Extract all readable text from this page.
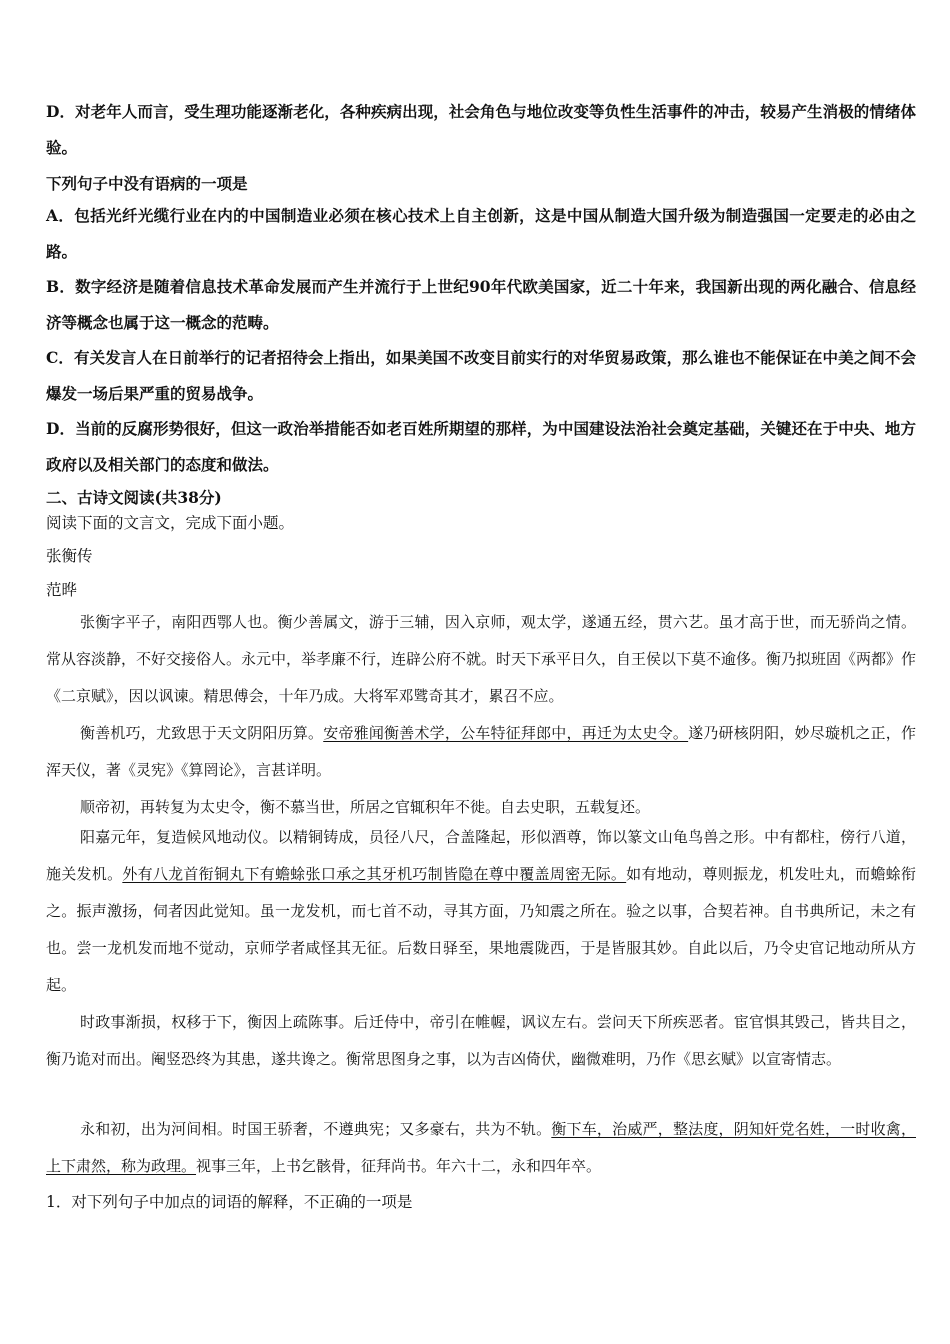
D．对老年人而言，受生理功能逐渐老化，各种疾病出现，社会角色与地位改变等负性生活事件的冲击，较易产生消极的情绪体验。

下列句子中没有语病的一项是

A．包括光纤光缆行业在内的中国制造业必须在核心技术上自主创新，这是中国从制造大国升级为制造强国一定要走的必由之路。

B．数字经济是随着信息技术革命发展而产生并流行于上世纪90年代欧美国家，近二十年来，我国新出现的两化融合、信息经济等概念也属于这一概念的范畴。

C．有关发言人在日前举行的记者招待会上指出，如果美国不改变目前实行的对华贸易政策，那么谁也不能保证在中美之间不会爆发一场后果严重的贸易战争。

D．当前的反腐形势很好，但这一政治举措能否如老百姓所期望的那样，为中国建设法治社会奠定基础，关键还在于中央、地方政府以及相关部门的态度和做法。

二、古诗文阅读(共38分)

阅读下面的文言文，完成下面小题。

张衡传

范晔

张衡字平子，南阳西鄂人也。衡少善属文，游于三辅，因入京师，观太学，遂通五经，贯六艺。虽才高于世，而无骄尚之情。常从容淡静，不好交接俗人。永元中，举孝廉不行，连辟公府不就。时天下承平日久，自王侯以下莫不逾侈。衡乃拟班固《两都》作《二京赋》，因以讽谏。精思傅会，十年乃成。大将军邓骘奇其才，累召不应。

衡善机巧，尤致思于天文阴阳历算。安帝雅闻衡善术学，公车特征拜郎中，再迁为太史令。遂乃研核阴阳，妙尽璇机之正，作浑天仪，著《灵宪》《算罔论》，言甚详明。

顺帝初，再转复为太史令，衡不慕当世，所居之官辄积年不徙。自去史职，五载复还。

阳嘉元年，复造候风地动仪。以精铜铸成，员径八尺，合盖隆起，形似酒尊，饰以篆文山龟鸟兽之形。中有都柱，傍行八道，施关发机。外有八龙首衔铜丸下有蟾蜍张口承之其牙机巧制皆隐在尊中覆盖周密无际。如有地动，尊则振龙，机发吐丸，而蟾蜍衔之。振声激扬，伺者因此觉知。虽一龙发机，而七首不动，寻其方面，乃知震之所在。验之以事，合契若神。自书典所记，未之有也。尝一龙机发而地不觉动，京师学者咸怪其无征。后数日驿至，果地震陇西，于是皆服其妙。自此以后，乃令史官记地动所从方起。

时政事渐损，权移于下，衡因上疏陈事。后迁侍中，帝引在帷幄，讽议左右。尝问天下所疾恶者。宦官惧其毁己，皆共目之，衡乃诡对而出。阉竖恐终为其患，遂共谗之。衡常思图身之事，以为吉凶倚伏，幽微难明，乃作《思玄赋》以宣寄情志。

永和初，出为河间相。时国王骄奢，不遵典宪；又多豪右，共为不轨。衡下车，治威严，整法度，阴知奸党名姓，一时收禽，上下肃然，称为政理。视事三年，上书乞骸骨，征拜尚书。年六十二，永和四年卒。

1．对下列句子中加点的词语的解释，不正确的一项是
